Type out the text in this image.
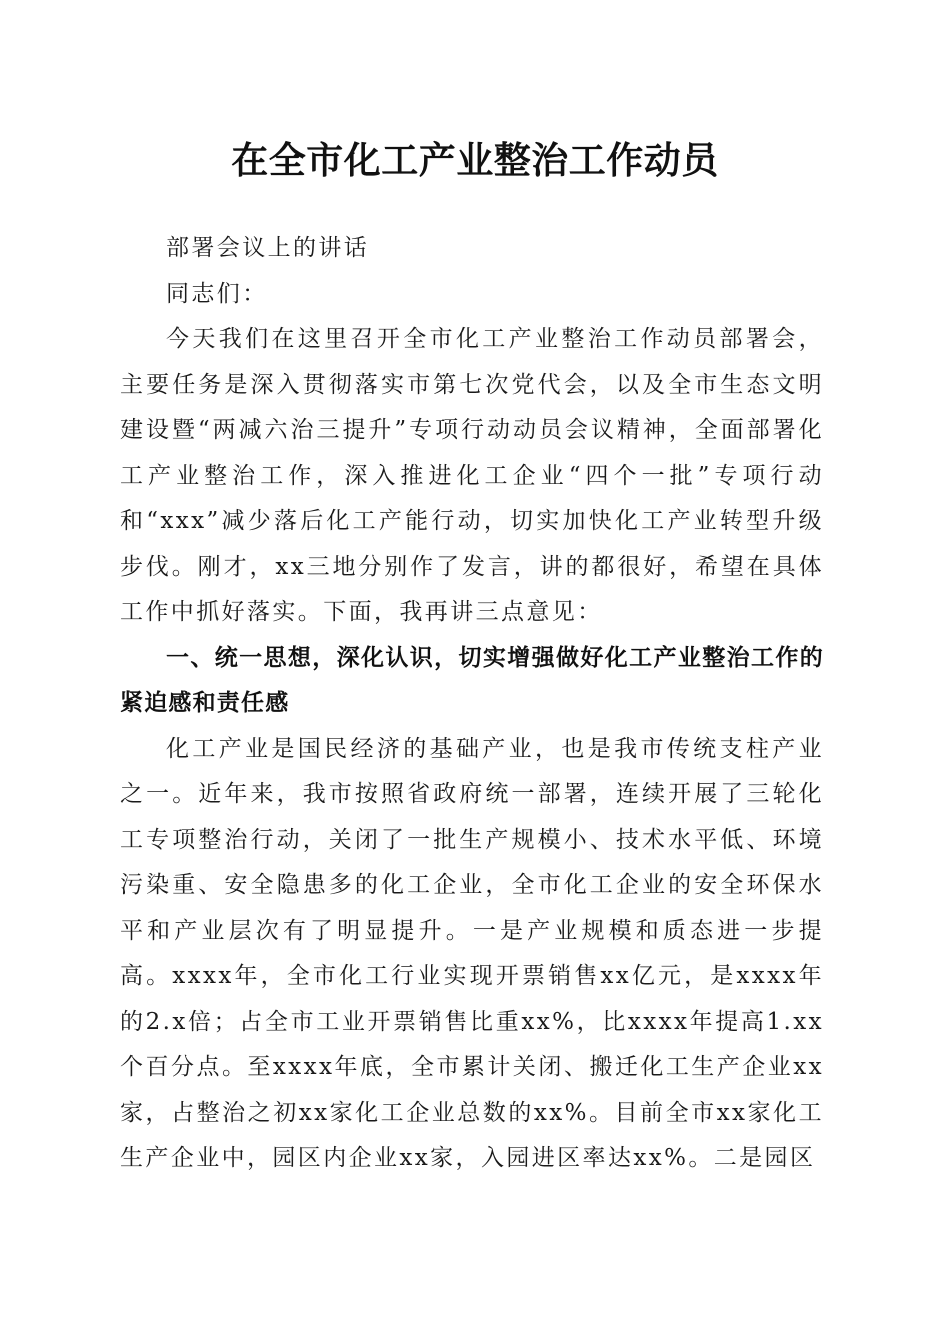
在全市化工产业整治工作动员

部署会议上的讲话

同志们：

今天我们在这里召开全市化工产业整治工作动员部署会，主要任务是深入贯彻落实市第七次党代会，以及全市生态文明建设暨“两减六治三提升”专项行动动员会议精神，全面部署化工产业整治工作，深入推进化工企业“四个一批”专项行动和“xxx”减少落后化工产能行动，切实加快化工产业转型升级步伐。刚才，xx三地分别作了发言，讲的都很好，希望在具体工作中抓好落实。下面，我再讲三点意见：

一、统一思想，深化认识，切实增强做好化工产业整治工作的紧迫感和责任感

化工产业是国民经济的基础产业，也是我市传统支柱产业之一。近年来，我市按照省政府统一部署，连续开展了三轮化工专项整治行动，关闭了一批生产规模小、技术水平低、环境污染重、安全隐患多的化工企业，全市化工企业的安全环保水平和产业层次有了明显提升。一是产业规模和质态进一步提高。xxxx年，全市化工行业实现开票销售xx亿元，是xxxx年的2.x倍；占全市工业开票销售比重xx%，比xxxx年提高1.xx个百分点。至xxxx年底，全市累计关闭、搬迁化工生产企业xx家，占整治之初xx家化工企业总数的xx%。目前全市xx家化工生产企业中，园区内企业xx家，入园进区率达xx%。二是园区
